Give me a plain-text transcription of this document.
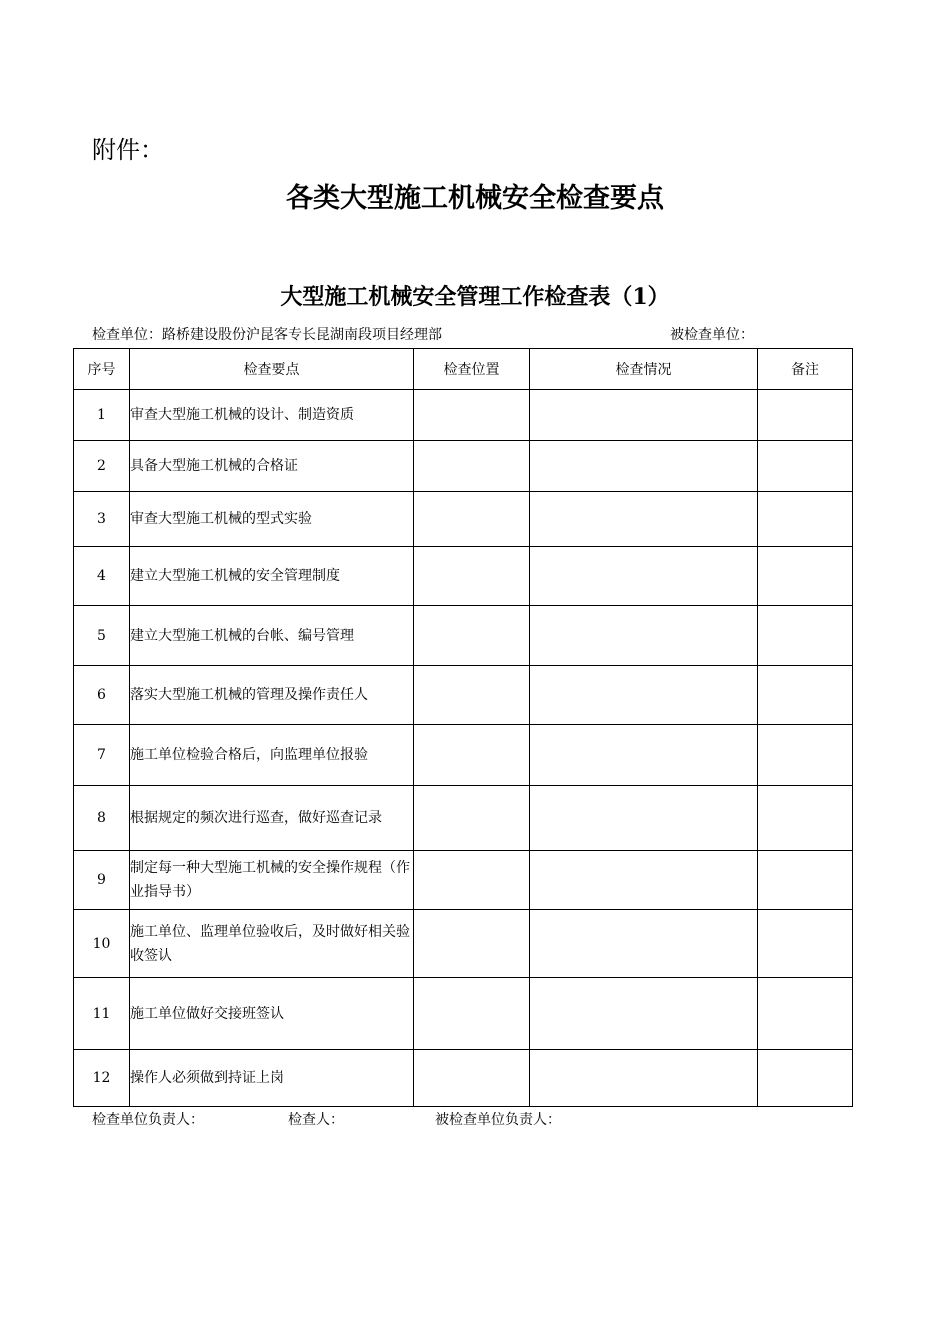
附件：
各类大型施工机械安全检查要点
大型施工机械安全管理工作检查表（1）
检查单位：路桥建设股份沪昆客专长昆湖南段项目经理部	被检查单位：
序号	检查要点	检查位置	检查情况	备注
1	审查大型施工机械的设计、制造资质			
2	具备大型施工机械的合格证			
3	审查大型施工机械的型式实验			
4	建立大型施工机械的安全管理制度			
5	建立大型施工机械的台帐、编号管理			
6	落实大型施工机械的管理及操作责任人			
7	施工单位检验合格后，向监理单位报验			
8	根据规定的频次进行巡查，做好巡查记录			
9	制定每一种大型施工机械的安全操作规程（作业指导书）			
10	施工单位、监理单位验收后，及时做好相关验收签认			
11	施工单位做好交接班签认			
12	操作人必须做到持证上岗			
检查单位负责人：	检查人：	被检查单位负责人：
